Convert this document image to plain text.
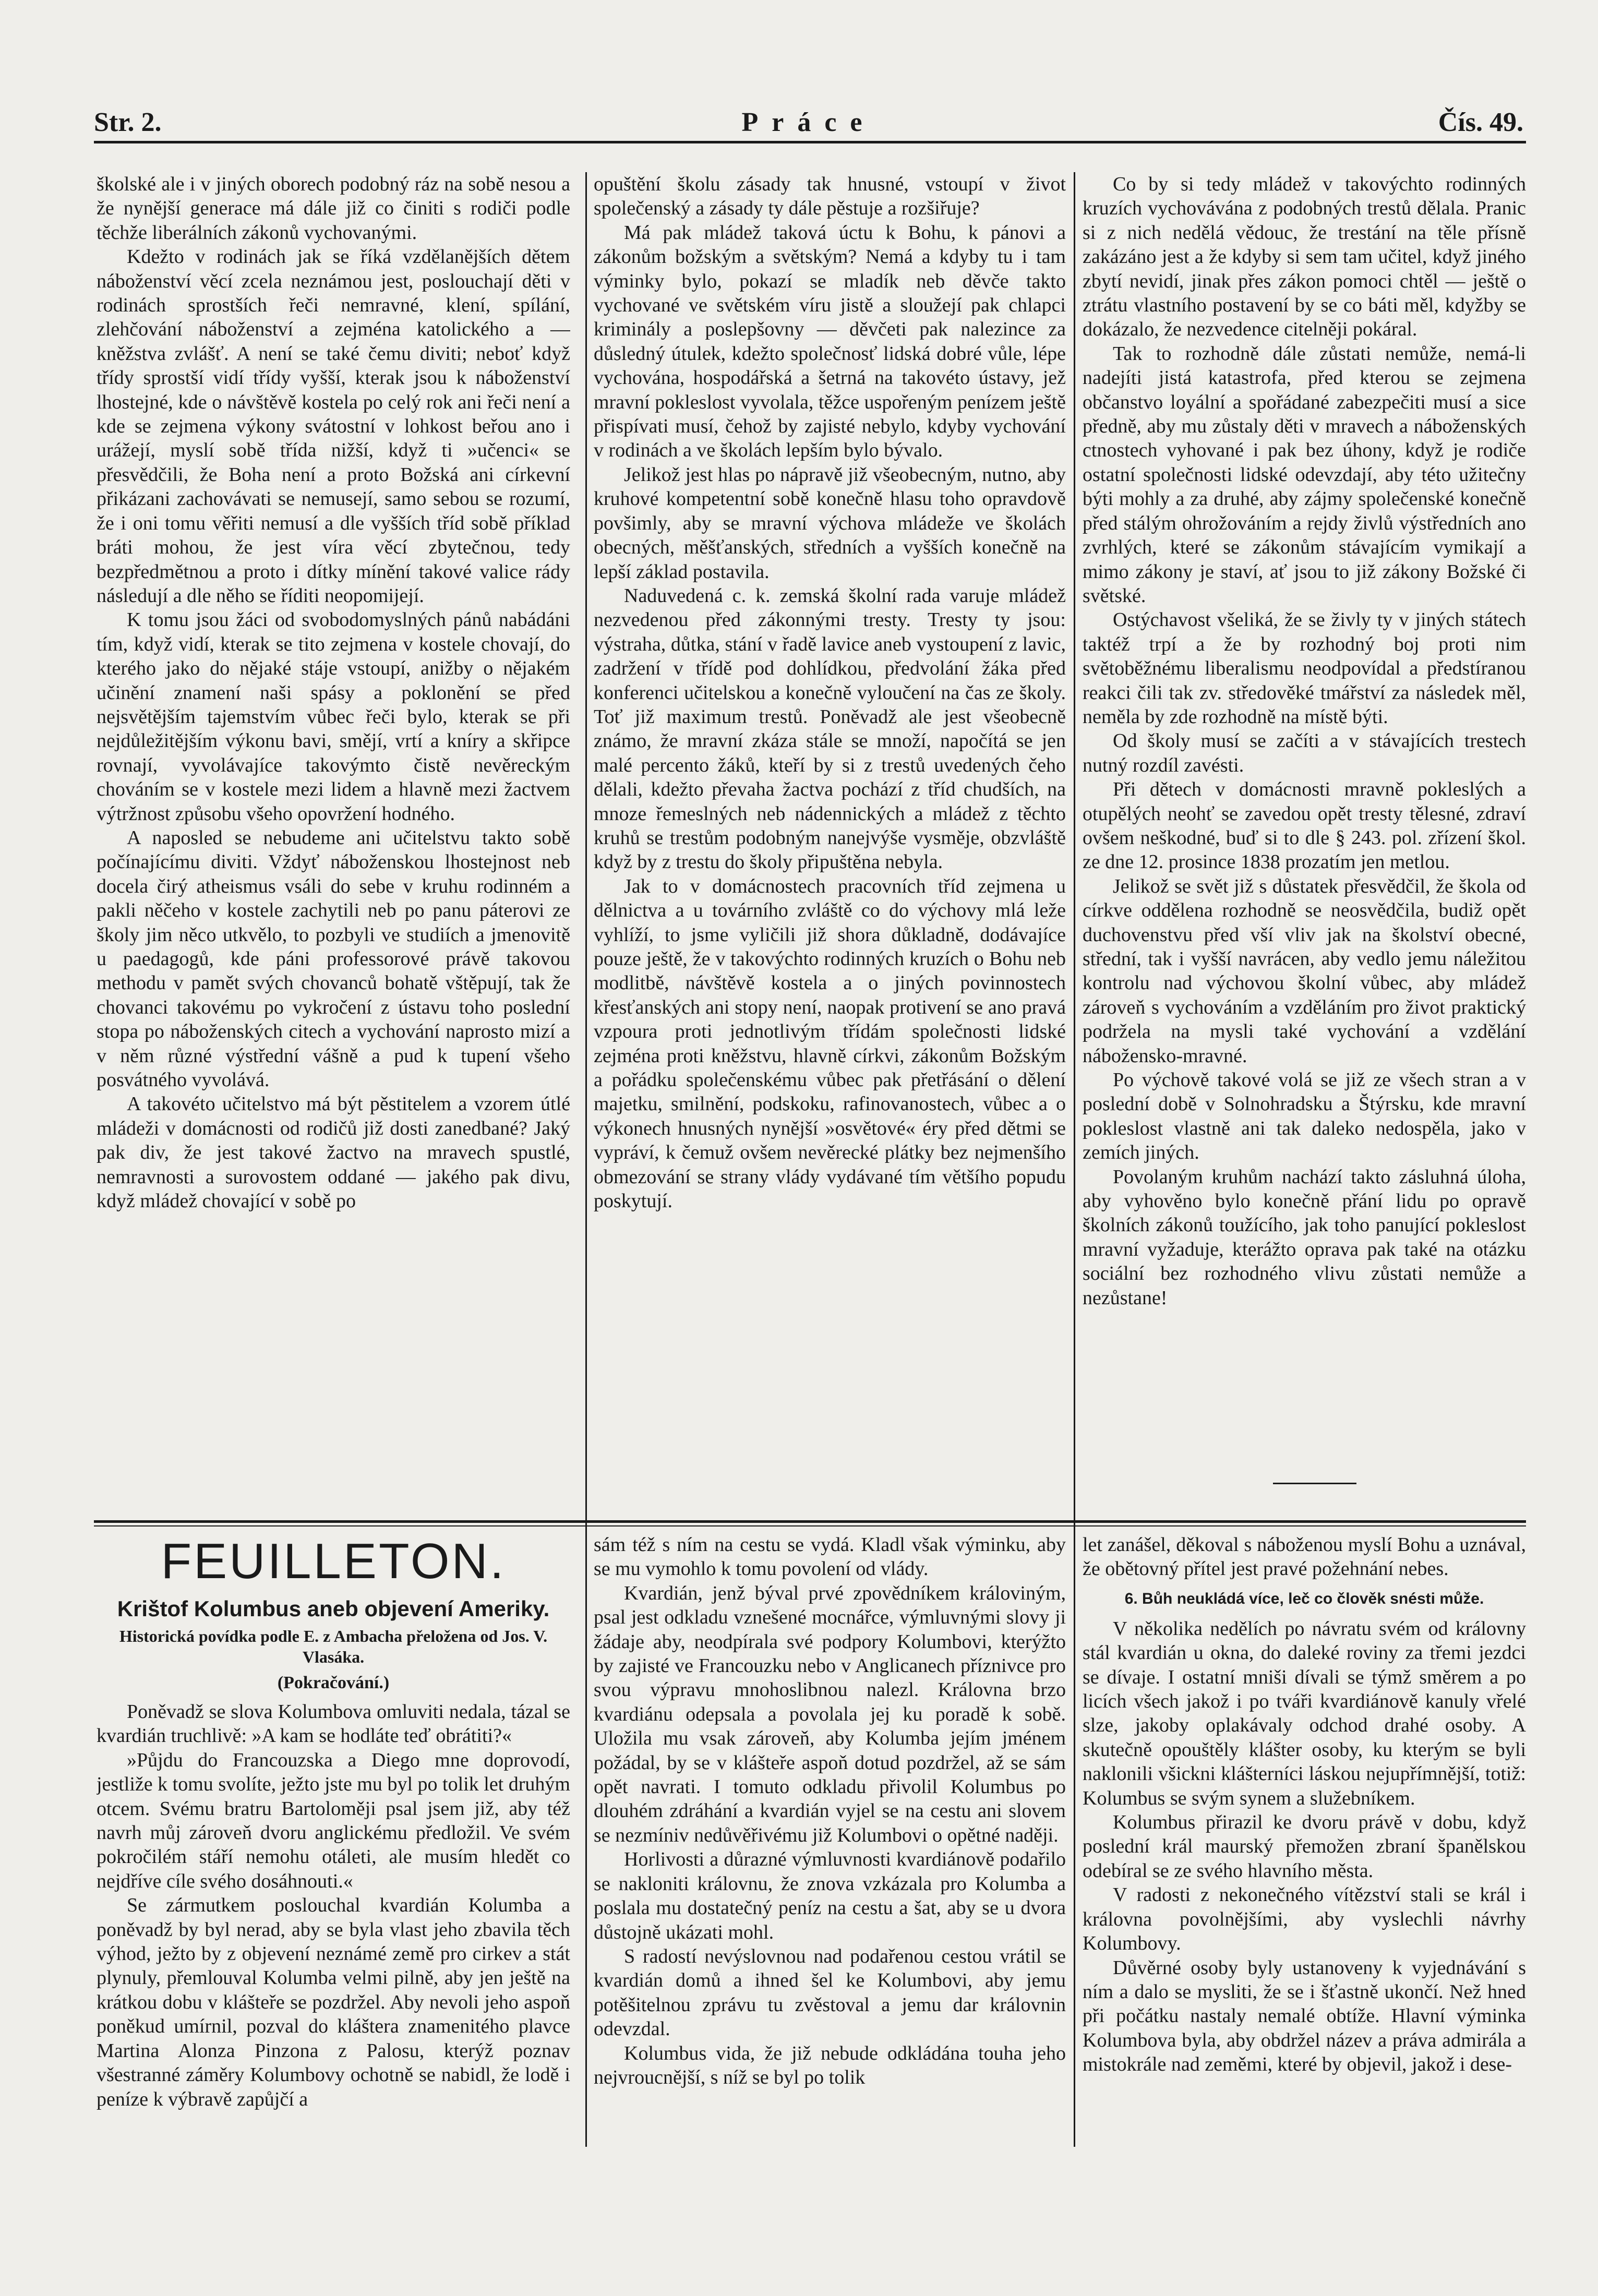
Str. 2.	Práce	Čís. 49.

školské ale i v jiných oborech podobný ráz na sobě nesou a že nynější generace má dále již co činiti s rodiči podle těchže liberálních zákonů vychovanými.

Kdežto v rodinách jak se říká vzdělanějších dětem náboženství věcí zcela neznámou jest, poslouchají děti v rodinách sprostších řeči nemravné, klení, spílání, zlehčování náboženství a zejména katolického a — kněžstva zvlášť. A není se také čemu diviti; neboť když třídy sprostší vidí třídy vyšší, kterak jsou k náboženství lhostejné, kde o návštěvě kostela po celý rok ani řeči není a kde se zejmena výkony svátostní v lohkost beřou ano i urážejí, myslí sobě třída nižší, když ti »učenci« se přesvědčili, že Boha není a proto Božská ani církevní přikázani zachovávati se nemusejí, samo sebou se rozumí, že i oni tomu věřiti nemusí a dle vyšších tříd sobě příklad bráti mohou, že jest víra věcí zbytečnou, tedy bezpředmětnou a proto i dítky mínění takové valice rády následují a dle něho se říditi neopomijejí.

K tomu jsou žáci od svobodomyslných pánů nabádáni tím, když vidí, kterak se tito zejmena v kostele chovají, do kterého jako do nějaké stáje vstoupí, anižby o nějakém učinění znamení naši spásy a poklonění se před nejsvětějším tajemstvím vůbec řeči bylo, kterak se při nejdůležitějším výkonu bavi, smějí, vrtí a kníry a skřipce rovnají, vyvolávajíce takovýmto čistě nevěreckým chováním se v kostele mezi lidem a hlavně mezi žactvem výtržnost způsobu všeho opovržení hodného.

A naposled se nebudeme ani učitelstvu takto sobě počínajícímu diviti. Vždyť náboženskou lhostejnost neb docela čirý atheismus vsáli do sebe v kruhu rodinném a pakli něčeho v kostele zachytili neb po panu páterovi ze školy jim něco utkvělo, to pozbyli ve studiích a jmenovitě u paedagogů, kde páni professorové právě takovou methodu v pamět svých chovanců bohatě vštěpují, tak že chovanci takovému po vykročení z ústavu toho poslední stopa po náboženských citech a vychování naprosto mizí a v něm různé výstřední vášně a pud k tupení všeho posvátného vyvolává.

A takovéto učitelstvo má být pěstitelem a vzorem útlé mládeži v domácnosti od rodičů již dosti zanedbané? Jaký pak div, že jest takové žactvo na mravech spustlé, nemravnosti a surovostem oddané — jakého pak divu, když mládež chovající v sobě po

opuštění školu zásady tak hnusné, vstoupí v život společenský a zásady ty dále pěstuje a rozšiřuje?

Má pak mládež taková úctu k Bohu, k pánovi a zákonům božským a světským? Nemá a kdyby tu i tam výminky bylo, pokazí se mladík neb děvče takto vychované ve světském víru jistě a sloužejí pak chlapci kriminály a poslepšovny — děvčeti pak nalezince za důsledný útulek, kdežto společnosť lidská dobré vůle, lépe vychována, hospodářská a šetrná na takovéto ústavy, jež mravní pokleslost vyvolala, těžce uspořeným penízem ještě přispívati musí, čehož by zajisté nebylo, kdyby vychování v rodinách a ve školách lepším bylo bývalo.

Jelikož jest hlas po nápravě již všeobecným, nutno, aby kruhové kompetentní sobě konečně hlasu toho opravdově povšimly, aby se mravní výchova mládeže ve školách obecných, měšťanských, středních a vyšších konečně na lepší základ postavila.

Naduvedená c. k. zemská školní rada varuje mládež nezvedenou před zákonnými tresty. Tresty ty jsou: výstraha, důtka, stání v řadě lavice aneb vystoupení z lavic, zadržení v třídě pod dohlídkou, předvolání žáka před konferenci učitelskou a konečně vyloučení na čas ze školy. Toť již maximum trestů. Poněvadž ale jest všeobecně známo, že mravní zkáza stále se množí, napočítá se jen malé percento žáků, kteří by si z trestů uvedených čeho dělali, kdežto převaha žactva pochází z tříd chudších, na mnoze řemeslných neb nádennických a mládež z těchto kruhů se trestům podobným nanejvýše vysměje, obzvláště když by z trestu do školy připuštěna nebyla.

Jak to v domácnostech pracovních tříd zejmena u dělnictva a u továrního zvláště co do výchovy mlá leže vyhlíží, to jsme vyličili již shora důkladně, dodávajíce pouze ještě, že v takovýchto rodinných kruzích o Bohu neb modlitbě, návštěvě kostela a o jiných povinnostech křesťanských ani stopy není, naopak protivení se ano pravá vzpoura proti jednotlivým třídám společnosti lidské zejména proti kněžstvu, hlavně církvi, zákonům Božským a pořádku společenskému vůbec pak přetřásání o dělení majetku, smilnění, podskoku, rafinovanostech, vůbec a o výkonech hnusných nynější »osvětové« éry před dětmi se vypráví, k čemuž ovšem nevěrecké plátky bez nejmenšího obmezování se strany vlády vydávané tím většího popudu poskytují.

Co by si tedy mládež v takovýchto rodinných kruzích vychovávána z podobných trestů dělala. Pranic si z nich nedělá vědouc, že trestání na těle přísně zakázáno jest a že kdyby si sem tam učitel, když jiného zbytí nevidí, jinak přes zákon pomoci chtěl — ještě o ztrátu vlastního postavení by se co báti měl, kdyžby se dokázalo, že nezvedence citelněji pokáral.

Tak to rozhodně dále zůstati nemůže, nemá-li nadejíti jistá katastrofa, před kterou se zejmena občanstvo loyální a spořádané zabezpečiti musí a sice předně, aby mu zůstaly děti v mravech a náboženských ctnostech vyhované i pak bez úhony, když je rodiče ostatní společnosti lidské odevzdají, aby této užitečny býti mohly a za druhé, aby zájmy společenské konečně před stálým ohrožováním a rejdy živlů výstředních ano zvrhlých, které se zákonům stávajícím vymikají a mimo zákony je staví, ať jsou to již zákony Božské či světské.

Ostýchavost všeliká, že se živly ty v jiných státech taktéž trpí a že by rozhodný boj proti nim světoběžnému liberalismu neodpovídal a předstíranou reakci čili tak zv. středověké tmářství za následek měl, neměla by zde rozhodně na místě býti.

Od školy musí se začíti a v stávajících trestech nutný rozdíl zavésti.

Při dětech v domácnosti mravně pokleslých a otupělých neohť se zavedou opět tresty tělesné, zdraví ovšem neškodné, buď si to dle § 243. pol. zřízení škol. ze dne 12. prosince 1838 prozatím jen metlou.

Jelikož se svět již s důstatek přesvědčil, že škola od církve oddělena rozhodně se neosvědčila, budiž opět duchovenstvu před vší vliv jak na školství obecné, střední, tak i vyšší navrácen, aby vedlo jemu náležitou kontrolu nad výchovou školní vůbec, aby mládež zároveň s vychováním a vzděláním pro život praktický podržela na mysli také vychování a vzdělání nábožensko-mravné.

Po výchově takové volá se již ze všech stran a v poslední době v Solnohradsku a Štýrsku, kde mravní pokleslost vlastně ani tak daleko nedospěla, jako v zemích jiných.

Povolaným kruhům nachází takto zásluhná úloha, aby vyhověno bylo konečně přání lidu po opravě školních zákonů toužícího, jak toho panující pokleslost mravní vyžaduje, kterážto oprava pak také na otázku sociální bez rozhodného vlivu zůstati nemůže a nezůstane!

FEUILLETON.
Krištof Kolumbus aneb objevení Ameriky.
Historická povídka podle E. z Ambacha přeložena od Jos. V. Vlasáka.
(Pokračování.)

Poněvadž se slova Kolumbova omluviti nedala, tázal se kvardián truchlivě: »A kam se hodláte teď obrátiti?«

»Půjdu do Francouzska a Diego mne doprovodí, jestliže k tomu svolíte, ježto jste mu byl po tolik let druhým otcem. Svému bratru Bartoloměji psal jsem již, aby též navrh můj zároveň dvoru anglickému předložil. Ve svém pokročilém stáří nemohu otáleti, ale musím hledět co nejdříve cíle svého dosáhnouti.«

Se zármutkem poslouchal kvardián Kolumba a poněvadž by byl nerad, aby se byla vlast jeho zbavila těch výhod, ježto by z objevení neznámé země pro cirkev a stát plynuly, přemlouval Kolumba velmi pilně, aby jen ještě na krátkou dobu v klášteře se pozdržel. Aby nevoli jeho aspoň poněkud umírnil, pozval do kláštera znamenitého plavce Martina Alonza Pinzona z Palosu, kterýž poznav všestranné záměry Kolumbovy ochotně se nabidl, že lodě i peníze k výbravě zapůjčí a

sám též s ním na cestu se vydá. Kladl však výminku, aby se mu vymohlo k tomu povolení od vlády.

Kvardián, jenž býval prvé zpovědníkem královiným, psal jest odkladu vznešené mocnářce, výmluvnými slovy ji žádaje aby, neodpírala své podpory Kolumbovi, kterýžto by zajisté ve Francouzku nebo v Anglicanech příznivce pro svou výpravu mnohoslibnou nalezl. Královna brzo kvardiánu odepsala a povolala jej ku poradě k sobě. Uložila mu vsak zároveň, aby Kolumba jejím jménem požádal, by se v klášteře aspoň dotud pozdržel, až se sám opět navrati. I tomuto odkladu přivolil Kolumbus po dlouhém zdráhání a kvardián vyjel se na cestu ani slovem se nezmíniv nedůvěřivému již Kolumbovi o opětné naději.

Horlivosti a důrazné výmluvnosti kvardiánově podařilo se nakloniti královnu, že znova vzkázala pro Kolumba a poslala mu dostatečný peníz na cestu a šat, aby se u dvora důstojně ukázati mohl.

S radostí nevýslovnou nad podařenou cestou vrátil se kvardián domů a ihned šel ke Kolumbovi, aby jemu potěšitelnou zprávu tu zvěstoval a jemu dar královnin odevzdal.

Kolumbus vida, že již nebude odkládána touha jeho nejvroucnější, s níž se byl po tolik

let zanášel, děkoval s náboženou myslí Bohu a uznával, že obětovný přítel jest pravé požehnání nebes.

6. Bůh neukládá více, leč co člověk snésti může.

V několika nedělích po návratu svém od královny stál kvardián u okna, do daleké roviny za třemi jezdci se dívaje. I ostatní mniši dívali se týmž směrem a po licích všech jakož i po tváři kvardiánově kanuly vřelé slze, jakoby oplakávaly odchod drahé osoby. A skutečně opouštěly klášter osoby, ku kterým se byli naklonili všickni klášterníci láskou nejupřímnější, totiž: Kolumbus se svým synem a služebníkem.

Kolumbus přirazil ke dvoru právě v dobu, když poslední král maurský přemožen zbraní španělskou odebíral se ze svého hlavního města.

V radosti z nekonečného vítězství stali se král i královna povolnějšími, aby vyslechli návrhy Kolumbovy.

Důvěrné osoby byly ustanoveny k vyjednávání s ním a dalo se mysliti, že se i šťastně ukončí. Než hned při počátku nastaly nemalé obtíže. Hlavní výminka Kolumbova byla, aby obdržel název a práva admirála a mistokrále nad zeměmi, které by objevil, jakož i dese-
